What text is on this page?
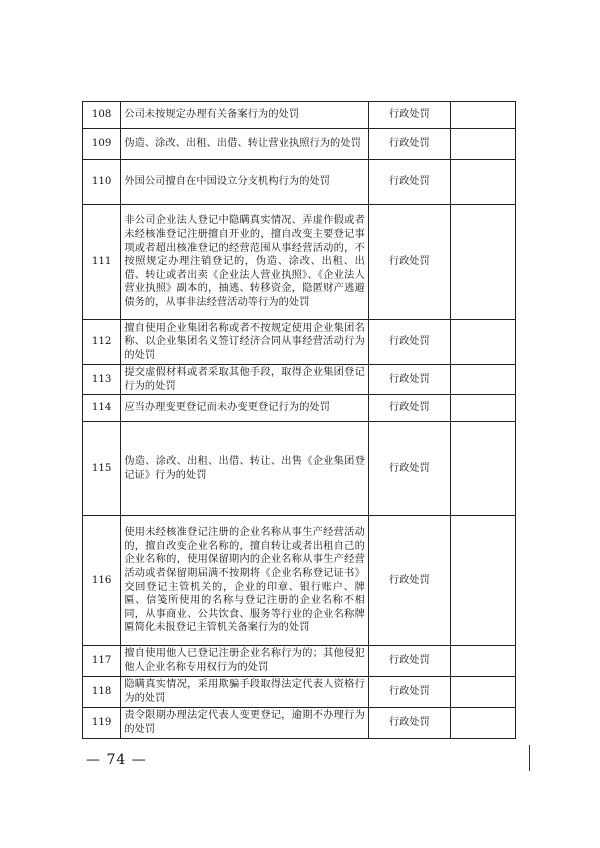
108	公司未按规定办理有关备案行为的处罚	行政处罚	
109	伪造、涂改、出租、出借、转让营业执照行为的处罚	行政处罚	
110	外国公司擅自在中国设立分支机构行为的处罚	行政处罚	
111	非公司企业法人登记中隐瞒真实情况、弄虚作假或者未经核准登记注册擅自开业的，擅自改变主要登记事项或者超出核准登记的经营范围从事经营活动的，不按照规定办理注销登记的，伪造、涂改、出租、出借、转让或者出卖《企业法人营业执照》、《企业法人营业执照》副本的，抽逃、转移资金，隐匿财产逃避债务的，从事非法经营活动等行为的处罚	行政处罚	
112	擅自使用企业集团名称或者不按规定使用企业集团名称、以企业集团名义签订经济合同从事经营活动行为的处罚	行政处罚	
113	提交虚假材料或者采取其他手段，取得企业集团登记行为的处罚	行政处罚	
114	应当办理变更登记而未办变更登记行为的处罚	行政处罚	
115	伪造、涂改、出租、出借、转让、出售《企业集团登记证》行为的处罚	行政处罚	
116	使用未经核准登记注册的企业名称从事生产经营活动的，擅自改变企业名称的，擅自转让或者出租自己的企业名称的，使用保留期内的企业名称从事生产经营活动或者保留期届满不按期将《企业名称登记证书》交回登记主管机关的，企业的印章、银行账户、牌匾、信笺所使用的名称与登记注册的企业名称不相同，从事商业、公共饮食、服务等行业的企业名称牌匾简化未报登记主管机关备案行为的处罚	行政处罚	
117	擅自使用他人已登记注册企业名称行为的；其他侵犯他人企业名称专用权行为的处罚	行政处罚	
118	隐瞒真实情况，采用欺骗手段取得法定代表人资格行为的处罚	行政处罚	
119	责令限期办理法定代表人变更登记，逾期不办理行为的处罚	行政处罚	
— 74 —
